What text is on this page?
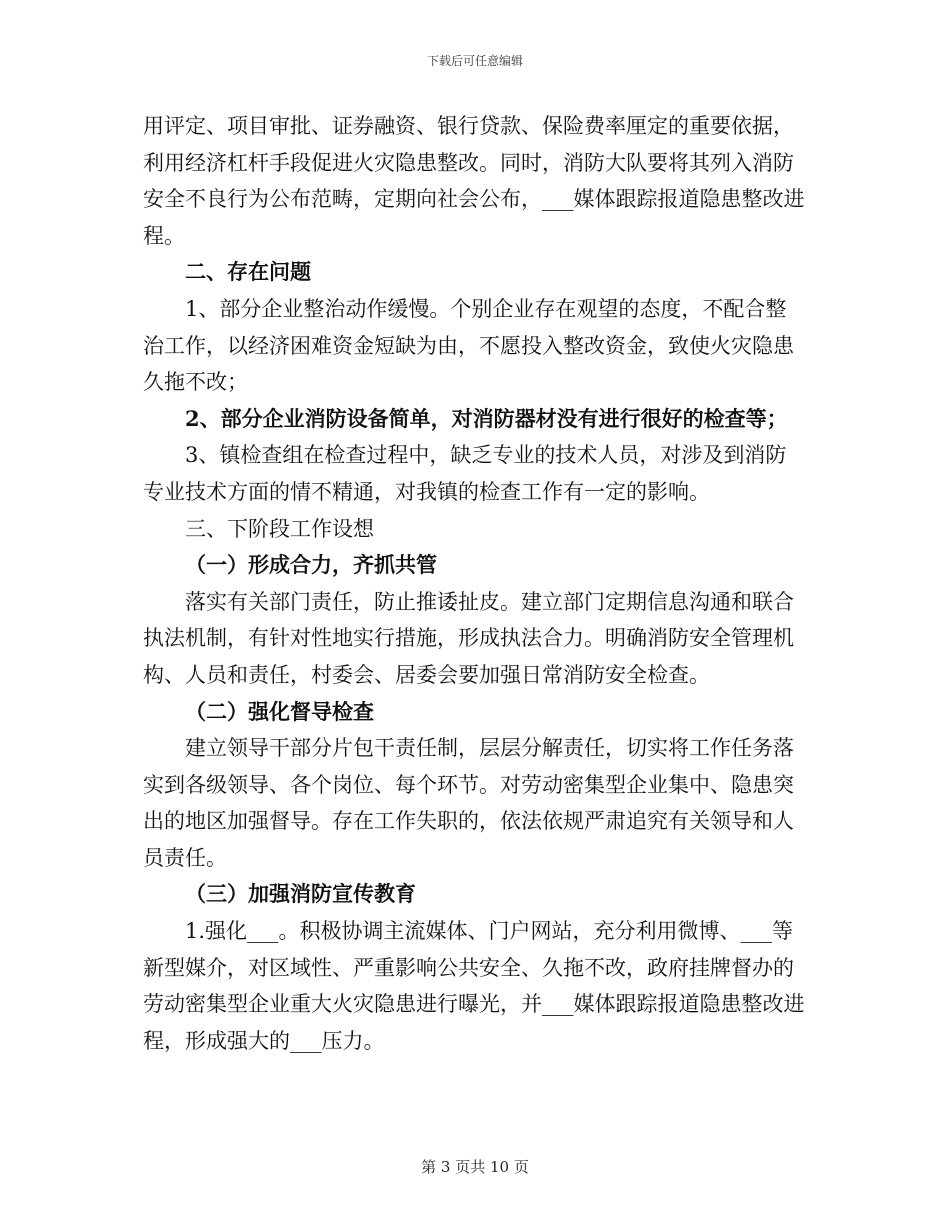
下载后可任意编辑

用评定、项目审批、证券融资、银行贷款、保险费率厘定的重要依据，利用经济杠杆手段促进火灾隐患整改。同时，消防大队要将其列入消防安全不良行为公布范畴，定期向社会公布，___媒体跟踪报道隐患整改进程。

二、存在问题

1、部分企业整治动作缓慢。个别企业存在观望的态度，不配合整治工作，以经济困难资金短缺为由，不愿投入整改资金，致使火灾隐患久拖不改；

2、部分企业消防设备简单，对消防器材没有进行很好的检查等；

3、镇检查组在检查过程中，缺乏专业的技术人员，对涉及到消防专业技术方面的情不精通，对我镇的检查工作有一定的影响。

三、下阶段工作设想

（一）形成合力，齐抓共管

落实有关部门责任，防止推诿扯皮。建立部门定期信息沟通和联合执法机制，有针对性地实行措施，形成执法合力。明确消防安全管理机构、人员和责任，村委会、居委会要加强日常消防安全检查。

（二）强化督导检查

建立领导干部分片包干责任制，层层分解责任，切实将工作任务落实到各级领导、各个岗位、每个环节。对劳动密集型企业集中、隐患突出的地区加强督导。存在工作失职的，依法依规严肃追究有关领导和人员责任。

（三）加强消防宣传教育

1.强化___。积极协调主流媒体、门户网站，充分利用微博、___等新型媒介，对区域性、严重影响公共安全、久拖不改，政府挂牌督办的劳动密集型企业重大火灾隐患进行曝光，并___媒体跟踪报道隐患整改进程，形成强大的___压力。

第 3 页共 10 页
